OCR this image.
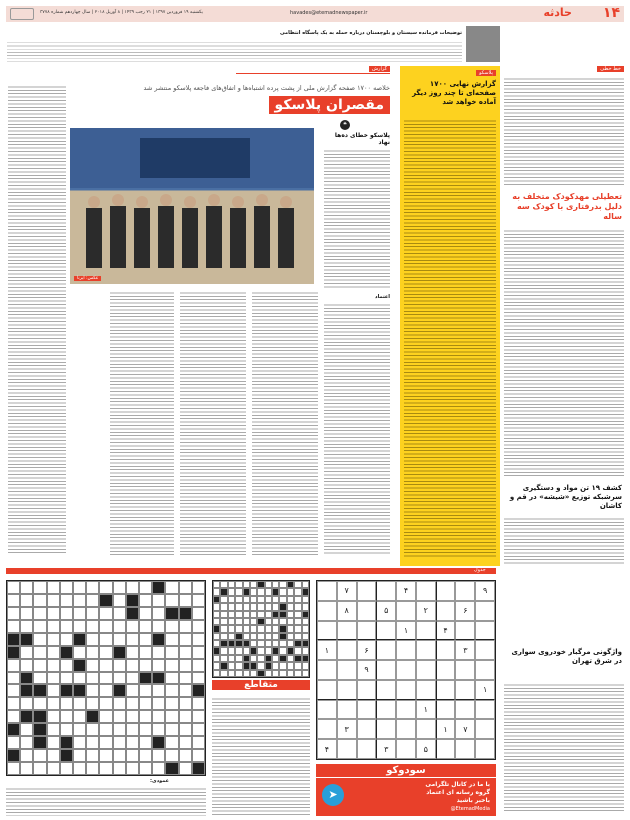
۱۴
حادثه
havades@etemadnewspaper.ir
یکشنبه ۱۹ فروردین ۱۳۹۷ | ۲۱ رجب ۱۴۳۹ | ۸ آوریل ۲۰۱۸ | سال چهاردهم شماره ۳۷۷۸
توضیحات فرمانده سیستان و بلوچستان درباره حمله به یک پاسگاه انتظامی
خط خطی
تعطیلی مهدکودک متخلف به دلیل بدرفتاری با کودک سه ساله
کشف ۱۹ تن مواد و دستگیری سرشبکه توزیع «شیشه» در قم و کاشان
واژگونی مرگبار خودروی سواری در شرق تهران
پلاسکو
گزارش نهایی ۱۷۰۰ صفحه‌ای تا چند روز دیگر آماده خواهد شد
گزارش
خلاصه ۱۷۰۰ صفحه گزارش ملی از پشت پرده اشتباه‌ها و اتفاق‌های فاجعه پلاسکو منتشر شد
مقصران پلاسکو
❝
پلاسکو خطای ده‌ها نهاد
عکس: ایرنا
اعتماد
جدول
۹
۴
۷
۶
۲
۵
۸
۴
۱
۳
۶
۱
۹
۱
۱
۷
۱
۳
۵
۳
۴
سودوکو
➤
با ما در کانال تلگرامی
گروه رسانه ای اعتماد
باخبر باشید
@EtemadMedia
متقاطع
عمودی:
